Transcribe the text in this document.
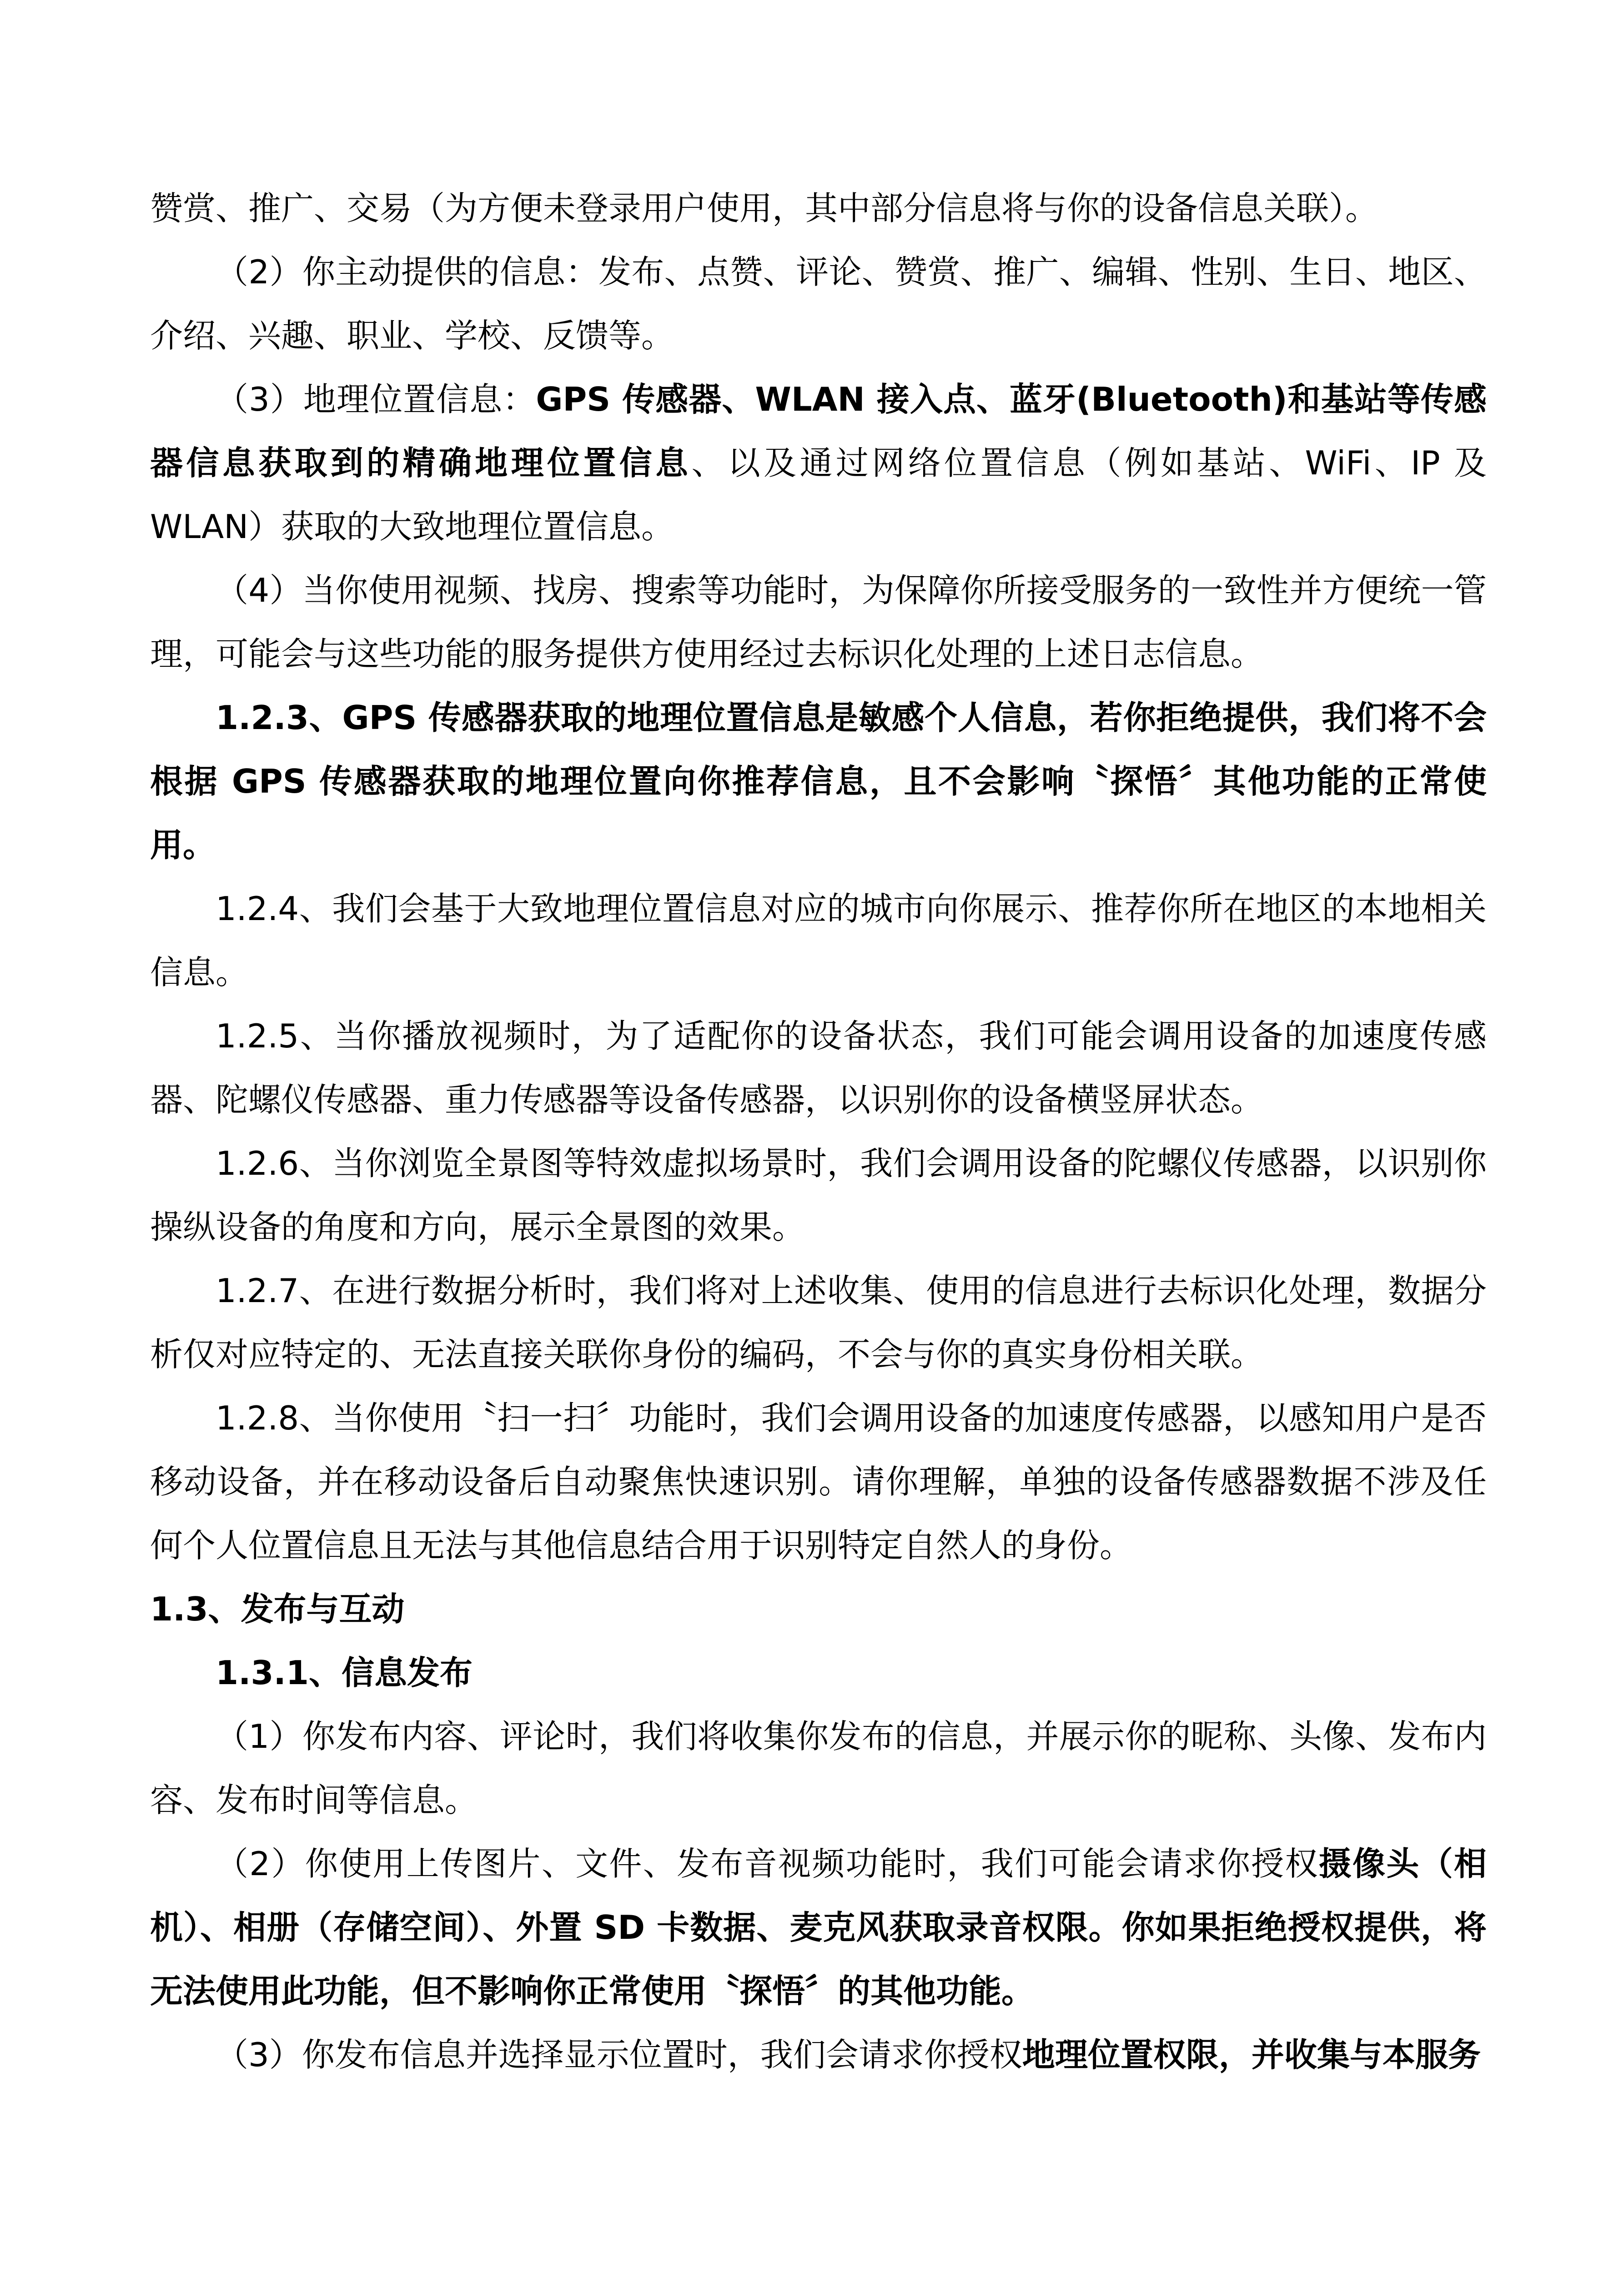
赞赏、推广、交易（为方便未登录用户使用，其中部分信息将与你的设备信息关联）。

（2）你主动提供的信息：发布、点赞、评论、赞赏、推广、编辑、性别、生日、地区、介绍、兴趣、职业、学校、反馈等。

（3）地理位置信息：GPS 传感器、WLAN 接入点、蓝牙(Bluetooth)和基站等传感器信息获取到的精确地理位置信息、以及通过网络位置信息（例如基站、WiFi、IP 及 WLAN）获取的大致地理位置信息。

（4）当你使用视频、找房、搜索等功能时，为保障你所接受服务的一致性并方便统一管理，可能会与这些功能的服务提供方使用经过去标识化处理的上述日志信息。

1.2.3、GPS 传感器获取的地理位置信息是敏感个人信息，若你拒绝提供，我们将不会根据 GPS 传感器获取的地理位置向你推荐信息，且不会影响〝探悟〞其他功能的正常使用。

1.2.4、我们会基于大致地理位置信息对应的城市向你展示、推荐你所在地区的本地相关信息。

1.2.5、当你播放视频时，为了适配你的设备状态，我们可能会调用设备的加速度传感器、陀螺仪传感器、重力传感器等设备传感器，以识别你的设备横竖屏状态。

1.2.6、当你浏览全景图等特效虚拟场景时，我们会调用设备的陀螺仪传感器，以识别你操纵设备的角度和方向，展示全景图的效果。

1.2.7、在进行数据分析时，我们将对上述收集、使用的信息进行去标识化处理，数据分析仅对应特定的、无法直接关联你身份的编码，不会与你的真实身份相关联。

1.2.8、当你使用〝扫一扫〞功能时，我们会调用设备的加速度传感器，以感知用户是否移动设备，并在移动设备后自动聚焦快速识别。请你理解，单独的设备传感器数据不涉及任何个人位置信息且无法与其他信息结合用于识别特定自然人的身份。

1.3、发布与互动

1.3.1、信息发布

（1）你发布内容、评论时，我们将收集你发布的信息，并展示你的昵称、头像、发布内容、发布时间等信息。

（2）你使用上传图片、文件、发布音视频功能时，我们可能会请求你授权摄像头（相机）、相册（存储空间）、外置 SD 卡数据、麦克风获取录音权限。你如果拒绝授权提供，将无法使用此功能，但不影响你正常使用〝探悟〞的其他功能。

（3）你发布信息并选择显示位置时，我们会请求你授权地理位置权限，并收集与本服务
